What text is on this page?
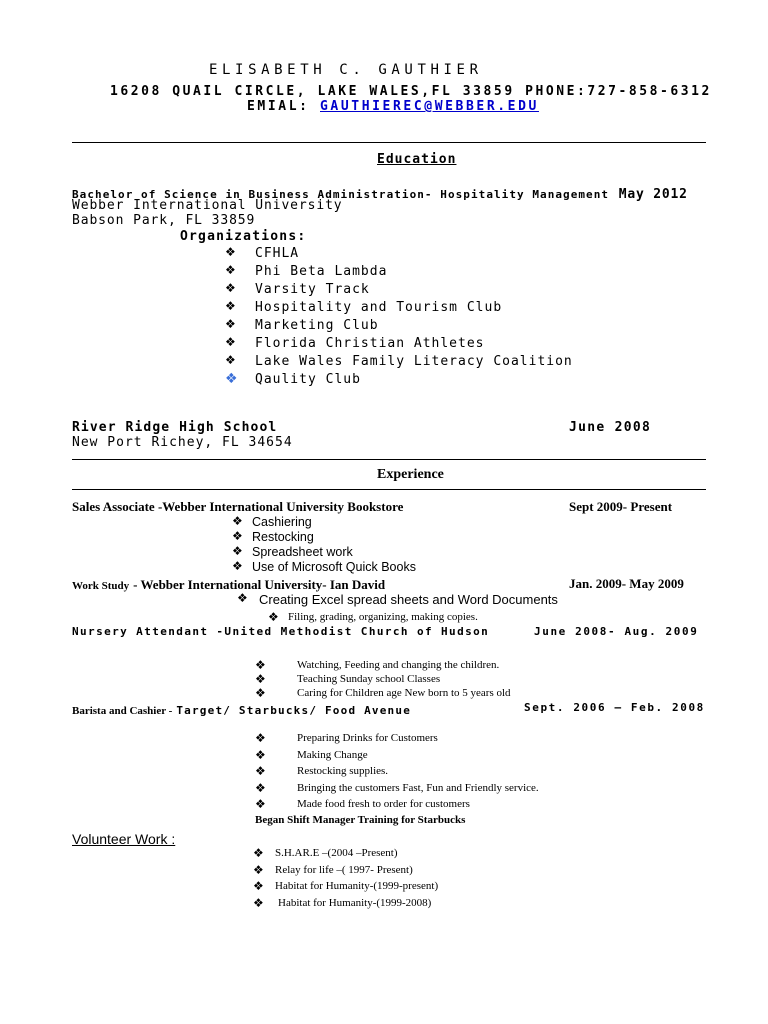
ELISABETH C. GAUTHIER
16208 QUAIL CIRCLE, LAKE WALES,FL 33859 PHONE:727-858-6312
EMIAL: GAUTHIEREC@WEBBER.EDU
Education
Bachelor of Science in Business Administration- Hospitality Management May 2012
Webber International University
Babson Park, FL 33859
Organizations:
❖ CFHLA
❖ Phi Beta Lambda
❖ Varsity Track
❖ Hospitality and Tourism Club
❖ Marketing Club
❖ Florida Christian Athletes
❖ Lake Wales Family Literacy Coalition
❖ Qaulity Club
River Ridge High School	June 2008
New Port Richey, FL 34654
Experience
Sales Associate -Webber International University Bookstore	Sept 2009- Present
Work Study - Webber International University- Ian David	Jan. 2009- May 2009
Nursery Attendant -United Methodist Church of Hudson	June 2008- Aug. 2009
Barista and Cashier - Target/ Starbucks/ Food Avenue	Sept. 2006 – Feb. 2008
Began Shift Manager Training for Starbucks
❖ Cashiering
❖ Restocking
❖ Spreadsheet work
❖ Use of Microsoft Quick Books
❖ Creating Excel spread sheets and Word Documents
❖ Filing, grading, organizing, making copies.
❖	Watching, Feeding and changing the children.
❖	Teaching Sunday school Classes
❖	Caring for Children age New born to 5 years old
❖	Preparing Drinks for Customers
❖	Making Change
❖	Restocking supplies.
❖	Bringing the customers Fast, Fun and Friendly service.
❖	Made food fresh to order for customers
Volunteer Work :
❖ S.H.AR.E –(2004 –Present)
❖ Relay for life –( 1997- Present)
❖ Habitat for Humanity-(1999-present)
❖ Habitat for Humanity-(1999-2008)
